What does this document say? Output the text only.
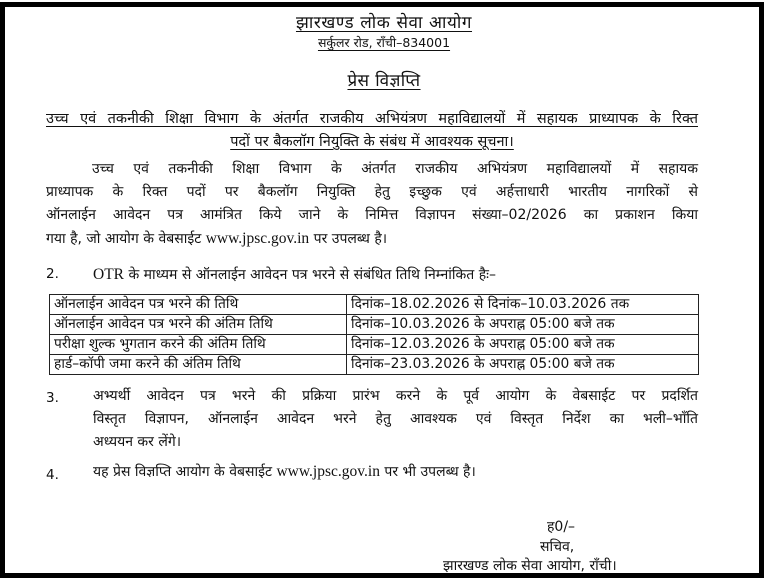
झारखण्ड लोक सेवा आयोग
सर्कुलर रोड, राँची–834001
प्रेस विज्ञप्ति
उच्च एवं तकनीकी शिक्षा विभाग के अंतर्गत राजकीय अभियंत्रण महाविद्यालयों में सहायक प्राध्यापक के रिक्त
पदों पर बैकलॉग नियुक्ति के संबंध में आवश्यक सूचना।
उच्च एवं तकनीकी शिक्षा विभाग के अंतर्गत राजकीय अभियंत्रण महाविद्यालयों में सहायक
प्राध्यापक के रिक्त पदों पर बैकलॉग नियुक्ति हेतु इच्छुक एवं अर्हत्ताधारी भारतीय नागरिकों से
ऑनलाईन आवेदन पत्र आमंत्रित किये जाने के निमित्त विज्ञापन संख्या–02/2026 का प्रकाशन किया
गया है, जो आयोग के वेबसाईट www.jpsc.gov.in पर उपलब्ध है।
2. OTR के माध्यम से ऑनलाईन आवेदन पत्र भरने से संबंधित तिथि निम्नांकित हैः–
ऑनलाईन आवेदन पत्र भरने की तिथि	दिनांक–18.02.2026 से दिनांक–10.03.2026 तक
ऑनलाईन आवेदन पत्र भरने की अंतिम तिथि	दिनांक–10.03.2026 के अपराह्न 05:00 बजे तक
परीक्षा शुल्क भुगतान करने की अंतिम तिथि	दिनांक–12.03.2026 के अपराह्न 05:00 बजे तक
हार्ड–कॉपी जमा करने की अंतिम तिथि	दिनांक–23.03.2026 के अपराह्न 05:00 बजे तक
3. अभ्यर्थी आवेदन पत्र भरने की प्रक्रिया प्रारंभ करने के पूर्व आयोग के वेबसाईट पर प्रदर्शित
विस्तृत विज्ञापन, ऑनलाईन आवेदन भरने हेतु आवश्यक एवं विस्तृत निर्देश का भली–भाँति
अध्ययन कर लेंगे।
4. यह प्रेस विज्ञप्ति आयोग के वेबसाईट www.jpsc.gov.in पर भी उपलब्ध है।
ह0/–
सचिव,
झारखण्ड लोक सेवा आयोग, राँची।
